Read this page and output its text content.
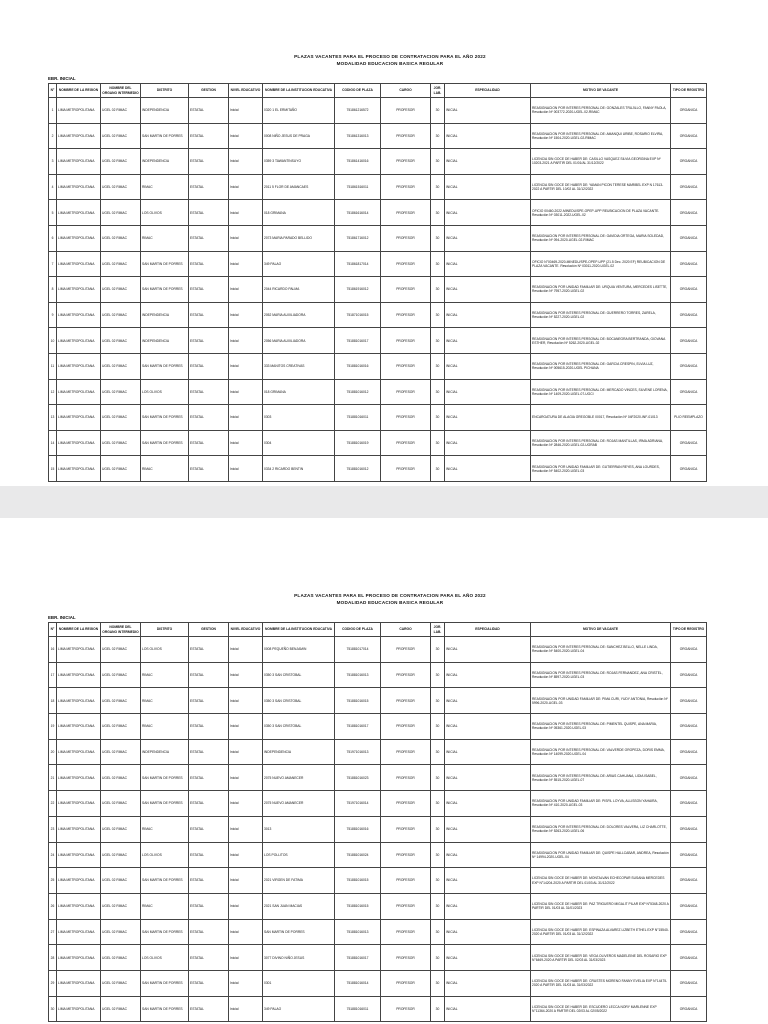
PLAZAS VACANTES PARA EL PROCESO DE CONTRATACION PARA EL AÑO 2022
MODALIDAD EDUCACION BASICA REGULAR
EBR. INICIAL
N°	NOMBRE DE LA REGION	NOMBRE DEL ORGANO INTERMEDIO	DISTRITO	GESTION	NIVEL EDUCATIVO	NOMBRE DE LA INSTITUCION EDUCATIVA	CODIGO DE PLAZA	CARGO	JOR. LAB.	ESPECIALIDAD	MOTIVO DE VACANTE	TIPO DE REGISTRO
1	LIMA METROPOLITANA	UGEL 02 RIMAC	INDEPENDENCIA	ESTATAL	Inicial	0320 1 EL ERMITAÑO	751861216572	PROFESOR	30	INICIAL	REASIGNACION POR INTERES PERSONAL DE: GONZALES TRUJILLO, FANNY PAOLA, Resolución Nº 003772-2020-UGEL.02-RIMAC	ORGANICA
2	LIMA METROPOLITANA	UGEL 02 RIMAC	SAN MARTIN DE PORRES	ESTATAL	Inicial	0008 NIÑO JESUS DE PRAGA	751861316013	PROFESOR	30	INICIAL	REASIGNACION POR INTERES PERSONAL DE: AMANQUI URIBE, ROSARIO ELVIRA, Resolución Nº 1504-2020-UGEL.02-RIMAC	ORGANICA
3	LIMA METROPOLITANA	UGEL 02 RIMAC	INDEPENDENCIA	ESTATAL	Inicial	0359 3 TAWANTINSUYO	751861416016	PROFESOR	30	INICIAL	LICENCIA SIN GOCE DE HABER DE: CASILLO VASQUEZ SILVIA GEORGINA EXP Nº 10203-2021 A PARTIR DEL 01/01/AL 31/12/2022	ORGANICA
4	LIMA METROPOLITANA	UGEL 02 RIMAC	RIMAC	ESTATAL	Inicial	2011 5 FLOR DE AMANCAES	751861516011	PROFESOR	30	INICIAL	LICENCIA SIN GOCE DE HABER DE: YAMAN PICON TERESE MARIBEL EXP N 17613-2022 A PARTIR DEL 10/02 AL 31/12/2022	ORGANICA
5	LIMA METROPOLITANA	UGEL 02 RIMAC	LOS OLIVOS	ESTATAL	Inicial	018 GRIMANA	751861616014	PROFESOR	30	INICIAL	OFICIO 00460-2022-MINEDU/SPE-OPEP-UPP REUBICACION DE PLAZA VACANTE. Resolución Nº 03011-2022-UGEL.02	ORGANICA
6	LIMA METROPOLITANA	UGEL 02 RIMAC	RIMAC	ESTATAL	Inicial	2073 MARIA PARADO BELLIDO	751861716012	PROFESOR	30	INICIAL	REASIGNACION POR INTERES PERSONAL DE: GAVIDIA ORTEGA, MARIA SOLEDAD, Resolución Nº 094-2020-UGEL.02-RIMAC	ORGANICA
7	LIMA METROPOLITANA	UGEL 02 RIMAC	SAN MARTIN DE PORRES	ESTATAL	Inicial	349 PALAO	751861817014	PROFESOR	30	INICIAL	OFICIO N°00469-2020-MINEDU/SPE-OPEP-UPP (21.5 Dec. 2020 EF) REUBICACION DE PLAZA VACANTE. Resolución Nº 03011-2020-UGEL.02	ORGANICA
8	LIMA METROPOLITANA	UGEL 02 RIMAC	SAN MARTIN DE PORRES	ESTATAL	Inicial	2044 RICARDO PALMA	751861916012	PROFESOR	30	INICIAL	REASIGNACION POR UNIDAD FAMILIAR DE: URQUIA VENTURA, MERCEDES LISETTE, Resolución Nº 7957-2020-UGEL.02	ORGANICA
9	LIMA METROPOLITANA	UGEL 02 RIMAC	INDEPENDENCIA	ESTATAL	Inicial	2052 MARIA AUXILIADORA	751871016015	PROFESOR	30	INICIAL	REASIGNACION POR INTERES PERSONAL DE: GUERRERO TORRES, ZARELA, Resolución Nº 5227-2020-UGEL.02	ORGANICA
10	LIMA METROPOLITANA	UGEL 02 RIMAC	INDEPENDENCIA	ESTATAL	Inicial	2056 MARIA AUXILIADORA	751881016017	PROFESOR	30	INICIAL	REASIGNACION POR INTERES PERSONAL DE: BOCANEGRA BERTRANDA, GIOVANA ESTHER, Resolución Nº 5262-2020-UGEL.02	ORGANICA
11	LIMA METROPOLITANA	UGEL 02 RIMAC	SAN MARTIN DE PORRES	ESTATAL	Inicial	333 MANITOS CREATIVAS	751881016016	PROFESOR	30	INICIAL	REASIGNACION POR INTERES PERSONAL DE: GARCIA CRESPIN, ELVIA LUZ, Resolución Nº 005615-2020-UGEL PICHANA	ORGANICA
12	LIMA METROPOLITANA	UGEL 02 RIMAC	LOS OLIVOS	ESTATAL	Inicial	018 GRIMANA	751881016012	PROFESOR	30	INICIAL	REASIGNACION POR INTERES PERSONAL DE: MERCADO VINCES, SILVENE LORENA, Resolución Nº 1409-2020-UGEL.07-UGCI	ORGANICA
13	LIMA METROPOLITANA	UGEL 02 RIMAC	SAN MARTIN DE PORRES	ESTATAL	Inicial	0303	751881016011	PROFESOR	30	INICIAL	ENCARGATURA DE ALAGIA GREGOBLE 00017, Resolución Nº 04F2020-INF-01013	PLIO REEMPLAZO
14	LIMA METROPOLITANA	UGEL 02 RIMAC	SAN MARTIN DE PORRES	ESTATAL	Inicial	0304	751881016019	PROFESOR	30	INICIAL	REASIGNACION POR INTERES PERSONAL DE: ROJAS MANTILLAS, IRMA ADRIANA, Resolución Nº 2846-2020-UGEL.02-UGRAB	ORGANICA
15	LIMA METROPOLITANA	UGEL 02 RIMAC	RIMAC	ESTATAL	Inicial	0334 2 RICARDO BENTIN	751881016012	PROFESOR	30	INICIAL	REASIGNACION POR UNIDAD FAMILIAR DE: GUTIERRAN REYES, ANA LOURDES, Resolución Nº 5402-2020-UGEL.03	ORGANICA
PLAZAS VACANTES PARA EL PROCESO DE CONTRATACION PARA EL AÑO 2022
MODALIDAD EDUCACION BASICA REGULAR
EBR. INICIAL
N°	NOMBRE DE LA REGION	NOMBRE DEL ORGANO INTERMEDIO	DISTRITO	GESTION	NIVEL EDUCATIVO	NOMBRE DE LA INSTITUCION EDUCATIVA	CODIGO DE PLAZA	CARGO	JOR. LAB.	ESPECIALIDAD	MOTIVO DE VACANTE	TIPO DE REGISTRO
16	LIMA METROPOLITANA	UGEL 02 RIMAC	LOS OLIVOS	ESTATAL	Inicial	0008 PEQUEÑO BENJAMIN	751881017014	PROFESOR	30	INICIAL	REASIGNACION POR INTERES PERSONAL DE: SANCHEZ BELLO, NELLE LINDA, Resolución Nº 5400-2020-UGEL.04	ORGANICA
17	LIMA METROPOLITANA	UGEL 02 RIMAC	RIMAC	ESTATAL	Inicial	0350 3 SAN CRISTOBAL	751881016013	PROFESOR	30	INICIAL	REASIGNACION POR INTERES PERSONAL DE: ROJAS FERNANDEZ, ANA CRISTEL, Resolución Nº 8597-2020-UGEL.03	ORGANICA
18	LIMA METROPOLITANA	UGEL 02 RIMAC	RIMAC	ESTATAL	Inicial	0350 3 SAN CRISTOBAL	751881016015	PROFESOR	30	INICIAL	REASIGNACION POR UNIDAD FAMILIAR DE: PIMA CURI, YUDY ANTONIA, Resolución Nº 5996-2020-UGEL.03	ORGANICA
19	LIMA METROPOLITANA	UGEL 02 RIMAC	RIMAC	ESTATAL	Inicial	0350 3 SAN CRISTOBAL	751881016017	PROFESOR	30	INICIAL	REASIGNACION POR INTERES PERSONAL DE: PIMENTEL QUISPE, ANA MARIA, Resolución Nº 05361-2020-UGEL.03	ORGANICA
20	LIMA METROPOLITANA	UGEL 02 RIMAC	INDEPENDENCIA	ESTATAL	Inicial	INDEPENDENCIA	751971016013	PROFESOR	30	INICIAL	REASIGNACION POR INTERES PERSONAL DE: VALVERDE OROPEZA, DORIS EMMA, Resolución Nº 14099-2020-UGEL.04	ORGANICA
21	LIMA METROPOLITANA	UGEL 02 RIMAC	SAN MARTIN DE PORRES	ESTATAL	Inicial	2075 NUEVO AMANECER	751881016023	PROFESOR	30	INICIAL	REASIGNACION POR INTERES PERSONAL DE: ARIAS CAHUANA, LIDIA ISABEL, Resolución Nº 5515-2020-UGEL.07	ORGANICA
22	LIMA METROPOLITANA	UGEL 02 RIMAC	SAN MARTIN DE PORRES	ESTATAL	Inicial	2075 NUEVO AMANECER	751971016014	PROFESOR	30	INICIAL	REASIGNACION POR UNIDAD FAMILIAR DE: PISFIL LOYVA, ALLISSON YAHAIRA, Resolución Nº 410-2020-UGEL.03	ORGANICA
23	LIMA METROPOLITANA	UGEL 02 RIMAC	RIMAC	ESTATAL	Inicial	3013	751881016016	PROFESOR	30	INICIAL	REASIGNACION POR INTERES PERSONAL DE: DOLORES VALVERA, LIZ CHARLOTTE, Resolución Nº 5263-2020-UGEL.06	ORGANICA
24	LIMA METROPOLITANA	UGEL 02 RIMAC	LOS OLIVOS	ESTATAL	Inicial	LOS POLLITOS	751881016024	PROFESOR	30	INICIAL	REASIGNACION POR UNIDAD FAMILIAR DE: QUISPE HALLCABAR, ANDREA, Resolución Nº 14994-2020-UGEL.04	ORGANICA
25	LIMA METROPOLITANA	UGEL 02 RIMAC	SAN MARTIN DE PORRES	ESTATAL	Inicial	2021 VIRGEN DE FATIMA	751881016015	PROFESOR	30	INICIAL	LICENCIA SIN GOCE DE HABER DE: MONTALVAN ECHECOPAR SUSANA MERCEDES EXP N°14204-2020 A PARTIR DEL 01/03 AL 31/12/2022	ORGANICA
26	LIMA METROPOLITANA	UGEL 02 RIMAC	RIMAC	ESTATAL	Inicial	2021 SAN JUAN MACIAS	751881016015	PROFESOR	30	INICIAL	LICENCIA SIN GOCE DE HABER DE: PAZ TRIGUERO MIGALIT PILAR EXP N°5348-2020 A PARTIR DEL 01/03 AL 31/01/2023	ORGANICA
27	LIMA METROPOLITANA	UGEL 02 RIMAC	SAN MARTIN DE PORRES	ESTATAL	Inicial	SAN MARTIN DE PORRES	751881016013	PROFESOR	30	INICIAL	LICENCIA SIN GOCE DE HABER DE: ESPINAZA ALVAREZ LIZBETH ETHEL EXP N°15540-2020 A PARTIR DEL 01/03 AL 31/12/2022	ORGANICA
28	LIMA METROPOLITANA	UGEL 02 RIMAC	LOS OLIVOS	ESTATAL	Inicial	3077 DIVINO NIÑO JESUS	751881016017	PROFESOR	30	INICIAL	LICENCIA SIN GOCE DE HABER DE: VEGA OLIVEROS MADELEINE DEL ROSARIO EXP N°6469-2020 A PARTIR DEL 02/03 AL 31/03/2023	ORGANICA
29	LIMA METROPOLITANA	UGEL 02 RIMAC	SAN MARTIN DE PORRES	ESTATAL	Inicial	0301	751881016014	PROFESOR	30	INICIAL	LICENCIA SIN GOCE DE HABER DE: CRUSTES MORENO FANNY EVELIA EXP N°14475-2020 A PARTIR DEL 01/03 AL 31/03/2022	ORGANICA
30	LIMA METROPOLITANA	UGEL 02 RIMAC	SAN MARTIN DE PORRES	ESTATAL	Inicial	349 PALAO	751881016011	PROFESOR	30	INICIAL	LICENCIA SIN GOCE DE HABER DE: ESCUDERO LECCA NORY MARLENNE EXP N°11364-2020 A PARTIR DEL 02/03 AL 02/05/2022	ORGANICA
